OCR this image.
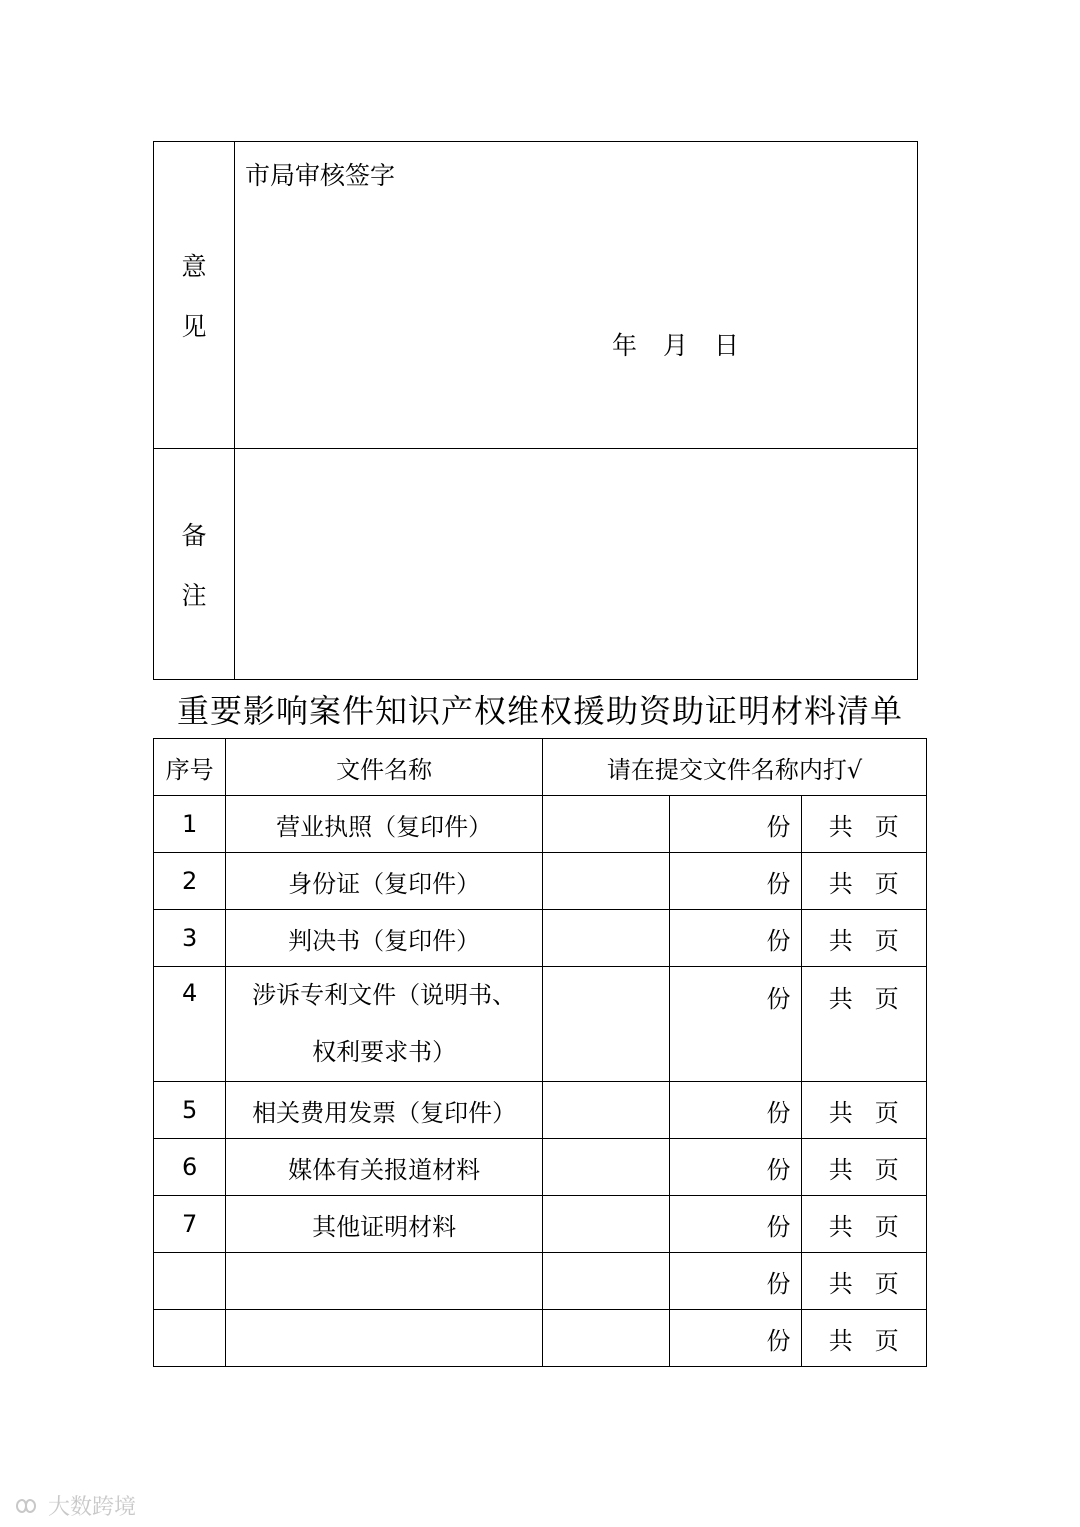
意
见	市局审核签字
年 月 日

备
注	

重要影响案件知识产权维权援助资助证明材料清单
序号	文件名称	请在提交文件名称内打√		
1	营业执照（复印件）		份	共 页
2	身份证（复印件）		份	共 页
3	判决书（复印件）		份	共 页
4	涉诉专利文件（说明书、
权利要求书）		份	共 页
5	相关费用发票（复印件）		份	共 页
6	媒体有关报道材料		份	共 页
7	其他证明材料		份	共 页

		份	共 页

		份	共 页
大数跨境
